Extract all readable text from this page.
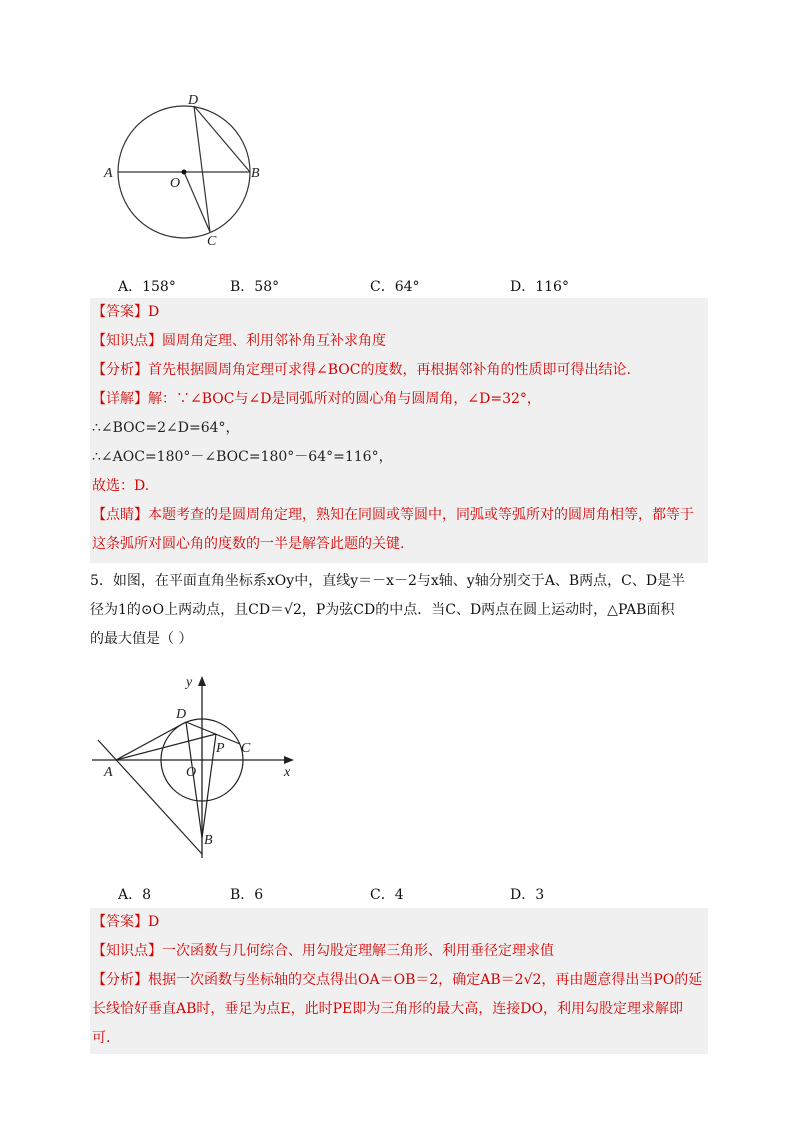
D
A
O
B
C
A．158°	B．58°	C．64°	D．116°
【答案】D
【知识点】圆周角定理、利用邻补角互补求角度
【分析】首先根据圆周角定理可求得∠BOC的度数，再根据邻补角的性质即可得出结论.
【详解】解：∵∠BOC与∠D是同弧所对的圆心角与圆周角，∠D=32°，
∴∠BOC=2∠D=64°，
∴∠AOC=180°－∠BOC=180°－64°=116°，
故选：D.
【点睛】本题考查的是圆周角定理，熟知在同圆或等圆中，同弧或等弧所对的圆周角相等，都等于
这条弧所对圆心角的度数的一半是解答此题的关键.
5．如图，在平面直角坐标系xOy中，直线y＝－x－2与x轴、y轴分别交于A、B两点，C、D是半
径为1的⊙O上两动点，且CD＝√2，P为弦CD的中点．当C、D两点在圆上运动时，△PAB面积
的最大值是（ ）
y
x
D
P C
A	O
B
A．8	B．6	C．4	D．3
【答案】D
【知识点】一次函数与几何综合、用勾股定理解三角形、利用垂径定理求值
【分析】根据一次函数与坐标轴的交点得出OA＝OB＝2，确定AB＝2√2，再由题意得出当PO的延
长线恰好垂直AB时，垂足为点E，此时PE即为三角形的最大高，连接DO，利用勾股定理求解即
可.
